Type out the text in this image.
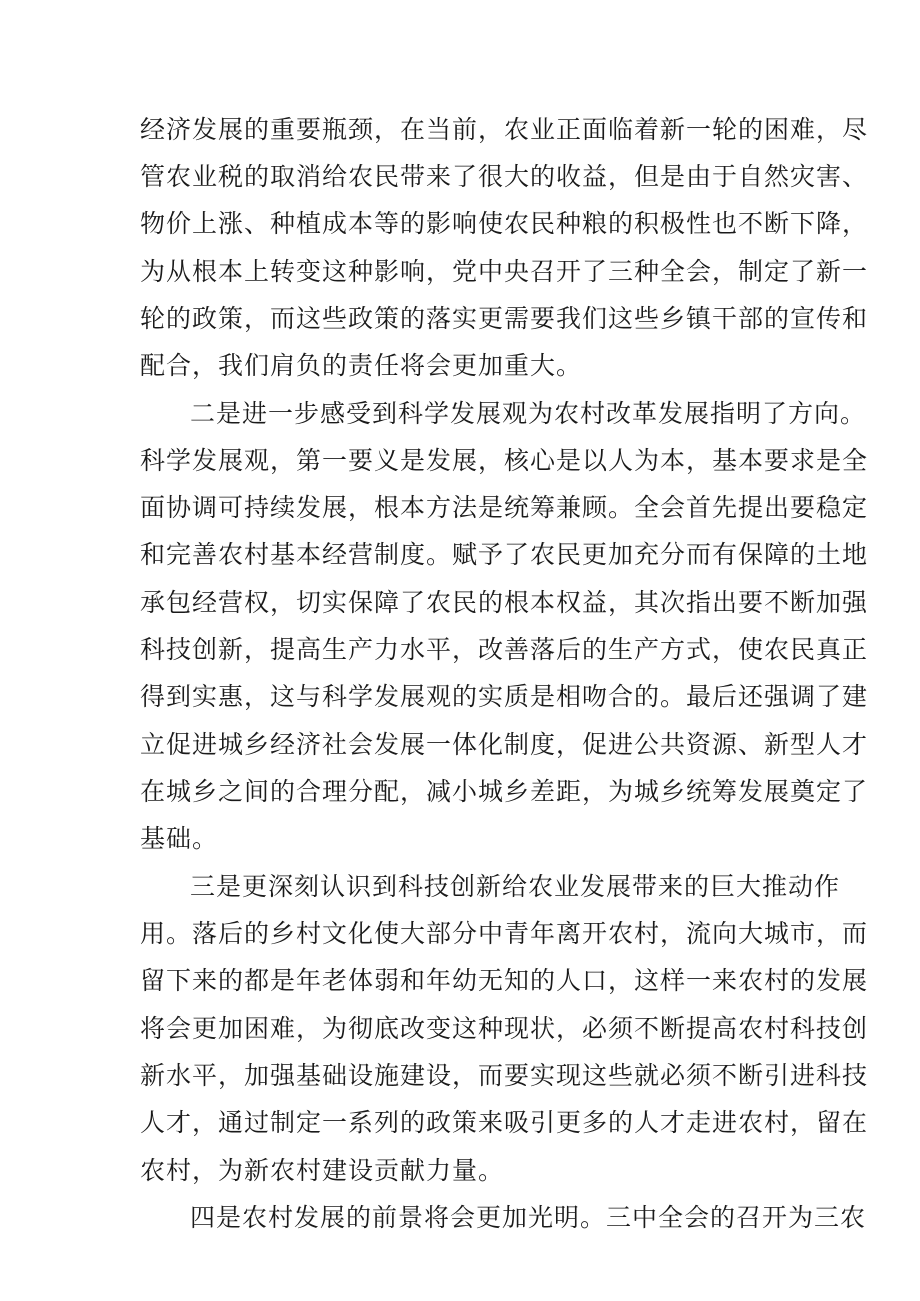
经济发展的重要瓶颈，在当前，农业正面临着新一轮的困难，尽
管农业税的取消给农民带来了很大的收益，但是由于自然灾害、
物价上涨、种植成本等的影响使农民种粮的积极性也不断下降，
为从根本上转变这种影响，党中央召开了三种全会，制定了新一
轮的政策，而这些政策的落实更需要我们这些乡镇干部的宣传和
配合，我们肩负的责任将会更加重大。
二是进一步感受到科学发展观为农村改革发展指明了方向。
科学发展观，第一要义是发展，核心是以人为本，基本要求是全
面协调可持续发展，根本方法是统筹兼顾。全会首先提出要稳定
和完善农村基本经营制度。赋予了农民更加充分而有保障的土地
承包经营权，切实保障了农民的根本权益，其次指出要不断加强
科技创新，提高生产力水平，改善落后的生产方式，使农民真正
得到实惠，这与科学发展观的实质是相吻合的。最后还强调了建
立促进城乡经济社会发展一体化制度，促进公共资源、新型人才
在城乡之间的合理分配，减小城乡差距，为城乡统筹发展奠定了
基础。
三是更深刻认识到科技创新给农业发展带来的巨大推动作
用。落后的乡村文化使大部分中青年离开农村，流向大城市，而
留下来的都是年老体弱和年幼无知的人口，这样一来农村的发展
将会更加困难，为彻底改变这种现状，必须不断提高农村科技创
新水平，加强基础设施建设，而要实现这些就必须不断引进科技
人才，通过制定一系列的政策来吸引更多的人才走进农村，留在
农村，为新农村建设贡献力量。
四是农村发展的前景将会更加光明。三中全会的召开为三农
